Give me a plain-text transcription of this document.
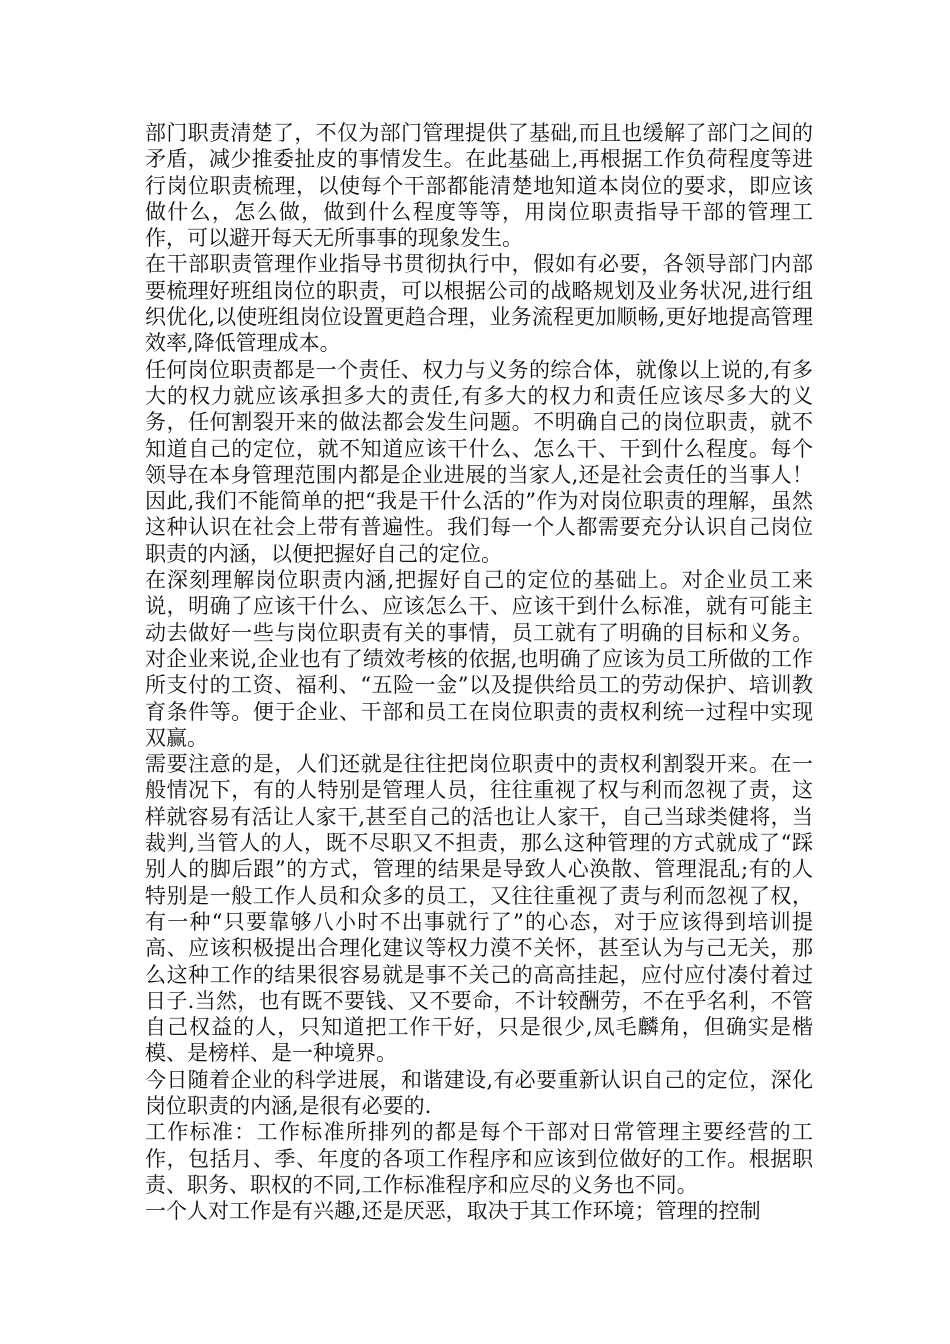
部门职责清楚了，不仅为部门管理提供了基础,而且也缓解了部门之间的矛盾，减少推委扯皮的事情发生。在此基础上,再根据工作负荷程度等进行岗位职责梳理，以使每个干部都能清楚地知道本岗位的要求，即应该做什么，怎么做，做到什么程度等等，用岗位职责指导干部的管理工作，可以避开每天无所事事的现象发生。

在干部职责管理作业指导书贯彻执行中，假如有必要，各领导部门内部要梳理好班组岗位的职责，可以根据公司的战略规划及业务状况,进行组织优化,以使班组岗位设置更趋合理，业务流程更加顺畅,更好地提高管理效率,降低管理成本。

任何岗位职责都是一个责任、权力与义务的综合体，就像以上说的,有多大的权力就应该承担多大的责任,有多大的权力和责任应该尽多大的义务，任何割裂开来的做法都会发生问题。不明确自己的岗位职责，就不知道自己的定位，就不知道应该干什么、怎么干、干到什么程度。每个领导在本身管理范围内都是企业进展的当家人,还是社会责任的当事人！因此,我们不能简单的把“我是干什么活的”作为对岗位职责的理解，虽然这种认识在社会上带有普遍性。我们每一个人都需要充分认识自己岗位职责的内涵，以便把握好自己的定位。

在深刻理解岗位职责内涵,把握好自己的定位的基础上。对企业员工来说，明确了应该干什么、应该怎么干、应该干到什么标准，就有可能主动去做好一些与岗位职责有关的事情，员工就有了明确的目标和义务。对企业来说,企业也有了绩效考核的依据,也明确了应该为员工所做的工作所支付的工资、福利、“五险一金”以及提供给员工的劳动保护、培训教育条件等。便于企业、干部和员工在岗位职责的责权利统一过程中实现双赢。

需要注意的是，人们还就是往往把岗位职责中的责权利割裂开来。在一般情况下，有的人特别是管理人员，往往重视了权与利而忽视了责，这样就容易有活让人家干,甚至自己的活也让人家干，自己当球类健将，当裁判,当管人的人，既不尽职又不担责，那么这种管理的方式就成了“踩别人的脚后跟”的方式，管理的结果是导致人心涣散、管理混乱;有的人特别是一般工作人员和众多的员工，又往往重视了责与利而忽视了权，有一种“只要靠够八小时不出事就行了”的心态，对于应该得到培训提高、应该积极提出合理化建议等权力漠不关怀，甚至认为与己无关，那么这种工作的结果很容易就是事不关己的高高挂起，应付应付凑付着过日子.当然，也有既不要钱、又不要命，不计较酬劳，不在乎名利，不管自己权益的人，只知道把工作干好，只是很少,凤毛麟角，但确实是楷模、是榜样、是一种境界。

今日随着企业的科学进展，和谐建设,有必要重新认识自己的定位，深化岗位职责的内涵,是很有必要的.

工作标准：工作标准所排列的都是每个干部对日常管理主要经营的工作，包括月、季、年度的各项工作程序和应该到位做好的工作。根据职责、职务、职权的不同,工作标准程序和应尽的义务也不同。

一个人对工作是有兴趣,还是厌恶，取决于其工作环境；管理的控制
